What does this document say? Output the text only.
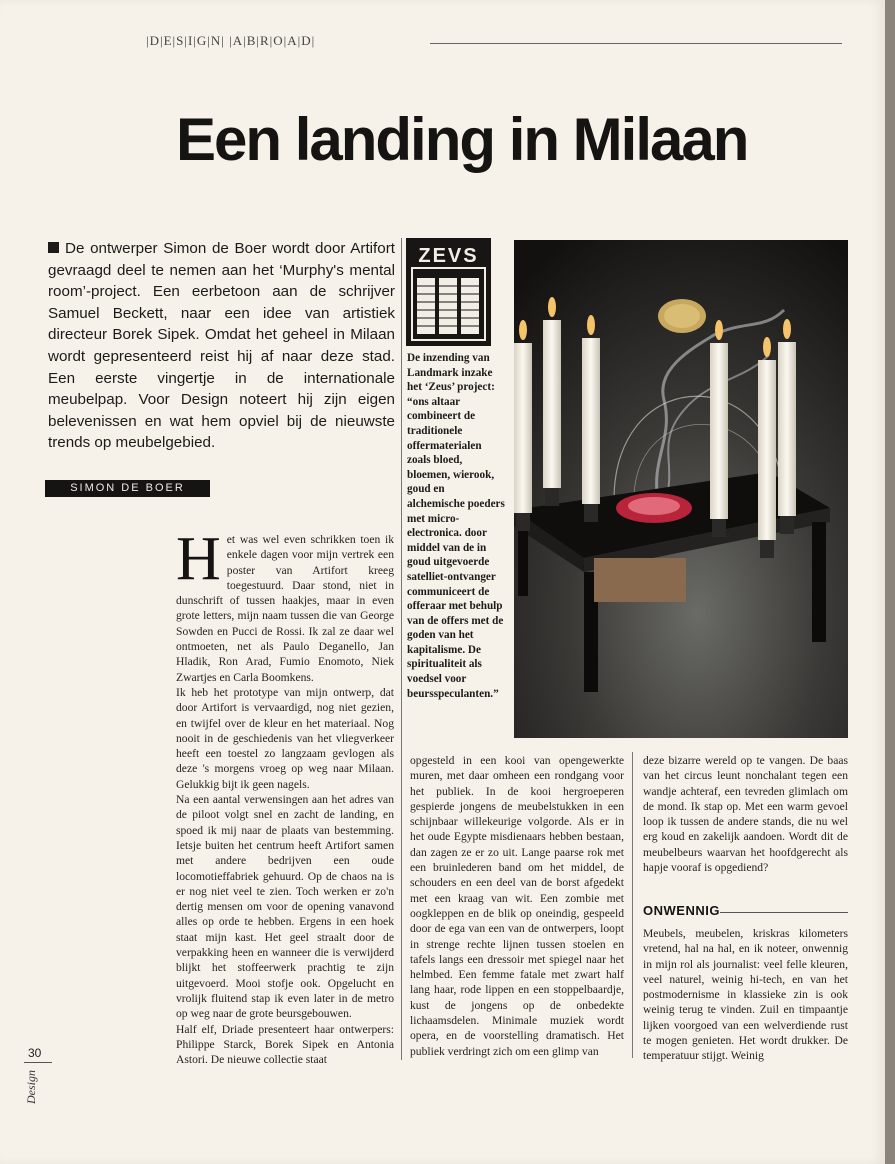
|D|E|S|I|G|N| |A|B|R|O|A|D|
Een landing in Milaan

De ontwerper Simon de Boer wordt door Artifort gevraagd deel te nemen aan het ‘Murphy's mental room’-project. Een eerbetoon aan de schrijver Samuel Beckett, naar een idee van artistiek directeur Borek Sipek. Omdat het geheel in Milaan wordt gepresenteerd reist hij af naar deze stad. Een eerste vingertje in de internationale meubelpap. Voor Design noteert hij zijn eigen belevenissen en wat hem opviel bij de nieuwste trends op meubelgebied.

SIMON DE BOER
ZEVS

De inzending van Landmark inzake het ‘Zeus’ project: “ons altaar combineert de traditionele offermaterialen zoals bloed, bloemen, wierook, goud en alchemische poeders met micro-electronica. door middel van de in goud uitgevoerde satelliet-ontvanger communiceert de offeraar met behulp van de offers met de goden van het kapitalisme. De spiritualiteit als voedsel voor beursspeculanten.”

Het was wel even schrikken toen ik enkele dagen voor mijn vertrek een poster van Artifort kreeg toegestuurd. Daar stond, niet in dunschrift of tussen haakjes, maar in even grote letters, mijn naam tussen die van George Sowden en Pucci de Rossi. Ik zal ze daar wel ontmoeten, net als Paulo Deganello, Jan Hladik, Ron Arad, Fumio Enomoto, Niek Zwartjes en Carla Boomkens.

Ik heb het prototype van mijn ontwerp, dat door Artifort is vervaardigd, nog niet gezien, en twijfel over de kleur en het materiaal. Nog nooit in de geschiedenis van het vliegverkeer heeft een toestel zo langzaam gevlogen als deze 's morgens vroeg op weg naar Milaan. Gelukkig bijt ik geen nagels.

Na een aantal verwensingen aan het adres van de piloot volgt snel en zacht de landing, en spoed ik mij naar de plaats van bestemming. Ietsje buiten het centrum heeft Artifort samen met andere bedrijven een oude locomotieffabriek gehuurd. Op de chaos na is er nog niet veel te zien. Toch werken er zo'n dertig mensen om voor de opening vanavond alles op orde te hebben. Ergens in een hoek staat mijn kast. Het geel straalt door de verpakking heen en wanneer die is verwijderd blijkt het stoffeerwerk prachtig te zijn uitgevoerd. Mooi stofje ook. Opgelucht en vrolijk fluitend stap ik even later in de metro op weg naar de grote beursgebouwen.

Half elf, Driade presenteert haar ontwerpers: Philippe Starck, Borek Sipek en Antonia Astori. De nieuwe collectie staat

opgesteld in een kooi van opengewerkte muren, met daar omheen een rondgang voor het publiek. In de kooi hergroeperen gespierde jongens de meubelstukken in een schijnbaar willekeurige volgorde. Als er in het oude Egypte misdienaars hebben bestaan, dan zagen ze er zo uit. Lange paarse rok met een bruinlederen band om het middel, de schouders en een deel van de borst afgedekt met een kraag van wit. Een zombie met oogkleppen en de blik op oneindig, gespeeld door de ega van een van de ontwerpers, loopt in strenge rechte lijnen tussen stoelen en tafels langs een dressoir met spiegel naar het helmbed. Een femme fatale met zwart half lang haar, rode lippen en een stoppelbaardje, kust de jongens op de onbedekte lichaamsdelen. Minimale muziek wordt opera, en de voorstelling dramatisch. Het publiek verdringt zich om een glimp van

deze bizarre wereld op te vangen. De baas van het circus leunt nonchalant tegen een wandje achteraf, een tevreden glimlach om de mond. Ik stap op. Met een warm gevoel loop ik tussen de andere stands, die nu wel erg koud en zakelijk aandoen. Wordt dit de meubelbeurs waarvan het hoofdgerecht als hapje vooraf is opgediend?

ONWENNIG

Meubels, meubelen, kriskras kilometers vretend, hal na hal, en ik noteer, onwennig in mijn rol als journalist: veel felle kleuren, veel naturel, weinig hi-tech, en van het postmodernisme in klassieke zin is ook weinig terug te vinden. Zuil en timpaantje lijken voorgoed van een welverdiende rust te mogen genieten. Het wordt drukker. De temperatuur stijgt. Weinig

30
Design
